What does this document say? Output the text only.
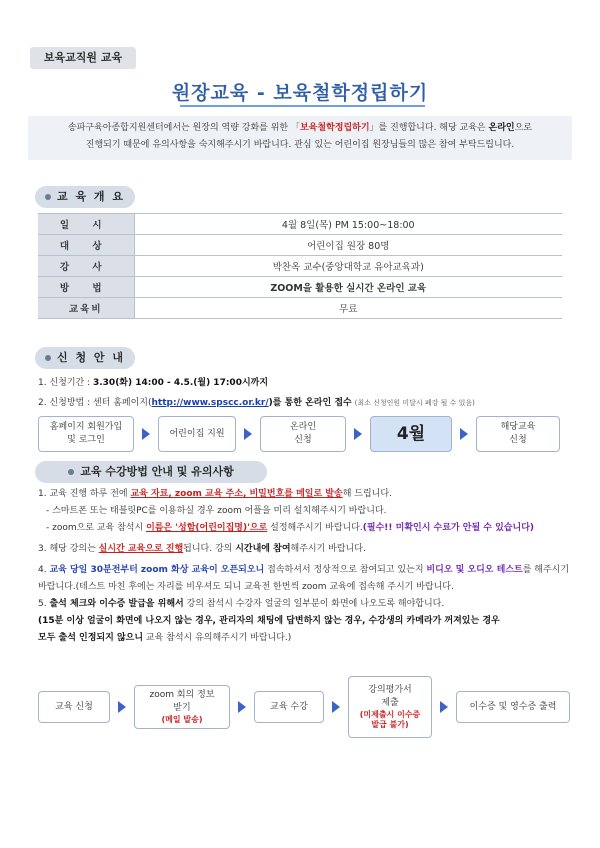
보육교직원 교육
원장교육 - 보육철학정립하기
송파구육아종합지원센터에서는 원장의 역량 강화를 위한 「보육철학정립하기」를 진행합니다. 해당 교육은 온라인으로
진행되기 때문에 유의사항을 숙지해주시기 바랍니다. 관심 있는 어린이집 원장님들의 많은 참여 부탁드립니다.
교 육 개 요
일 시	4월 8일(목) PM 15:00~18:00
대 상	어린이집 원장 80명
강 사	박찬옥 교수(중앙대학교 유아교육과)
방 법	ZOOM을 활용한 실시간 온라인 교육
교육비	무료
신 청 안 내
1. 신청기간 : 3.30(화) 14:00 - 4.5.(월) 17:00시까지
2. 신청방법 : 센터 홈페이지(http://www.spscc.or.kr/)를 통한 온라인 접수 (최소 신청인원 미달시 폐강 될 수 있음)
홈페이지 회원가입
및 로그인
어린이집 지원
온라인
신청	4월	해당교육
신청
교육 수강방법 안내 및 유의사항

1. 교육 진행 하루 전에 교육 자료, zoom 교육 주소, 비밀번호를 메일로 발송해 드립니다.

- 스마트폰 또는 태블릿PC를 이용하실 경우 zoom 어플을 미리 설치해주시기 바랍니다.

- zoom으로 교육 참석시 이름은 '성함(어린이집명)'으로 설정해주시기 바랍니다.(필수!! 미확인시 수료가 안될 수 있습니다)

3. 해당 강의는 실시간 교육으로 진행됩니다. 강의 시간내에 참여해주시기 바랍니다.

4. 교육 당일 30분전부터 zoom 화상 교육이 오픈되오니 접속하셔서 정상적으로 참여되고 있는지 비디오 및 오디오 테스트를 해주시기 바랍니다.(테스트 마친 후에는 자리를 비우셔도 되니 교육전 한번씩 zoom 교육에 접속해 주시기 바랍니다.

5. 출석 체크와 이수증 발급을 위해서 강의 참석시 수강자 얼굴의 일부분이 화면에 나오도록 해야합니다.

(15분 이상 얼굴이 화면에 나오지 않는 경우, 관리자의 채팅에 답변하지 않는 경우, 수강생의 카메라가 꺼져있는 경우
모두 출석 인정되지 않으니 교육 참석시 유의해주시기 바랍니다.)

교육 신청
zoom 회의 정보
받기
(메일 발송)
교육 수강
강의평가서
제출
(미제출시 이수증
발급 불가)
이수증 및 영수증 출력
